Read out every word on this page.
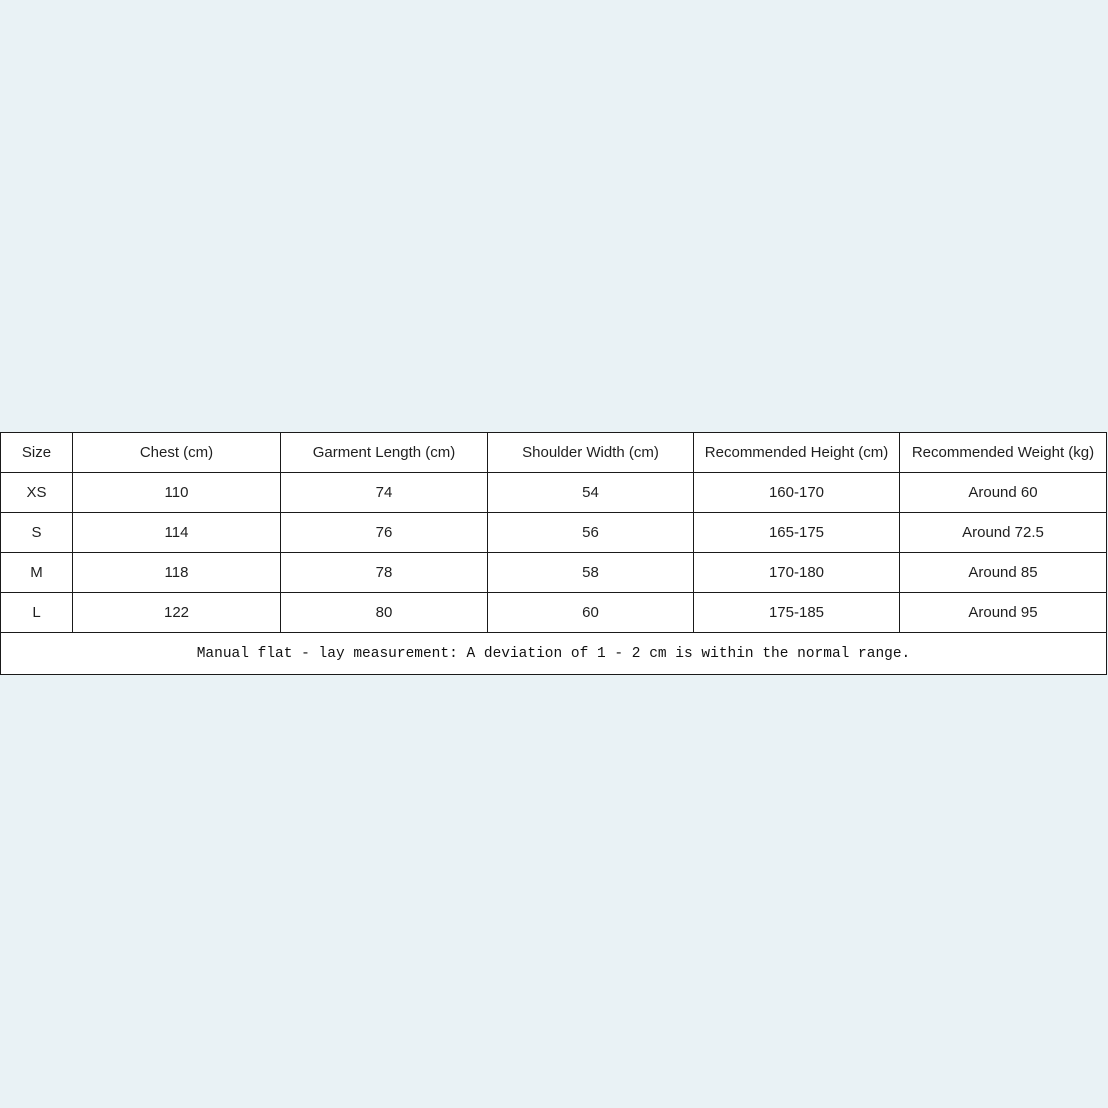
Size	Chest (cm)	Garment Length (cm)	Shoulder Width (cm)	Recommended Height (cm)	Recommended Weight (kg)
XS	110	74	54	160-170	Around 60
S	114	76	56	165-175	Around 72.5
M	118	78	58	170-180	Around 85
L	122	80	60	175-185	Around 95
Manual flat - lay measurement: A deviation of 1 - 2 cm is within the normal range.					
